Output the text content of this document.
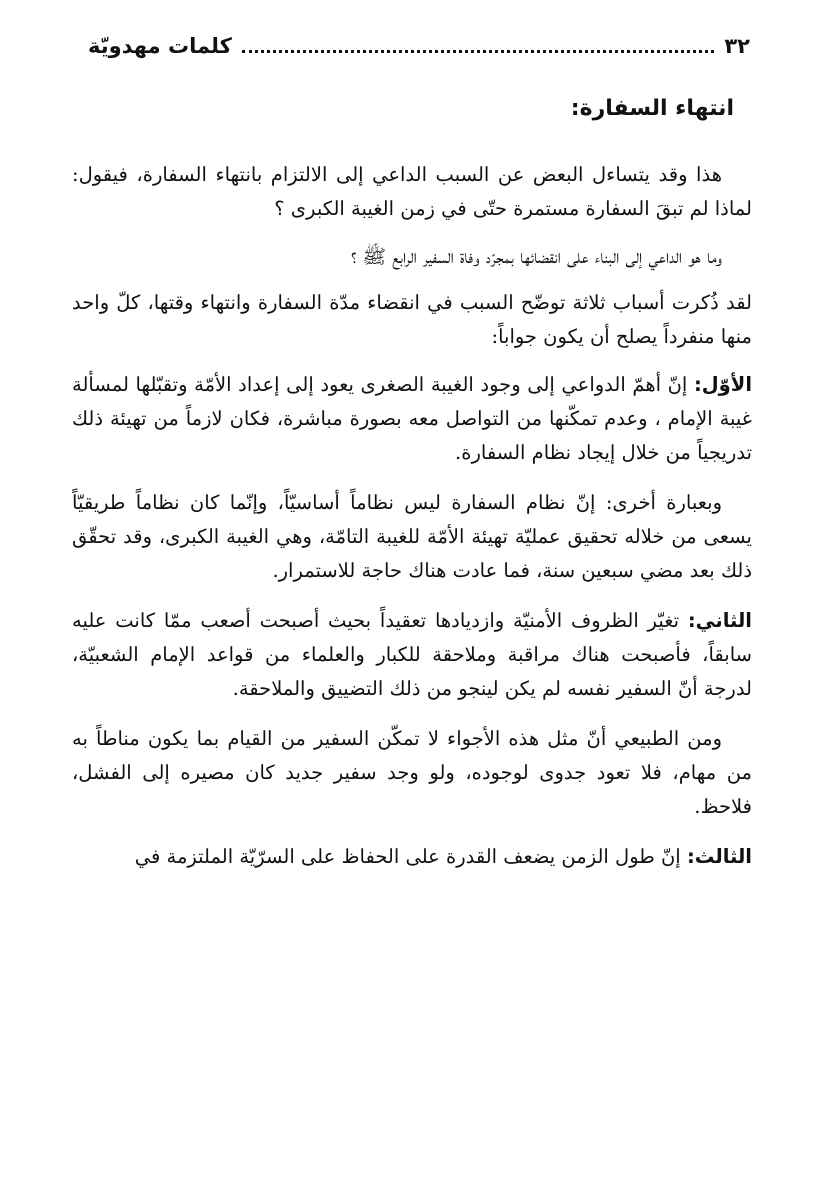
٣٢
كلمات مهدويّة
انتهاء السفارة:

هذا وقد يتساءل البعض عن السبب الداعي إلى الالتزام بانتهاء السفارة، فيقول: لماذا لم تبقَ السفارة مستمرة حتّى في زمن الغيبة الكبرى ؟

وما هو الداعي إلى البناء على انقضائها بمجرّد وفاة السفير الرابع ﷺ ؟

لقد ذُكرت أسباب ثلاثة توضّح السبب في انقضاء مدّة السفارة وانتهاء وقتها، كلّ واحد منها منفرداً يصلح أن يكون جواباً:

الأوّل: إنّ أهمّ الدواعي إلى وجود الغيبة الصغرى يعود إلى إعداد الأمّة وتقبّلها لمسألة غيبة الإمام ، وعدم تمكّنها من التواصل معه بصورة مباشرة، فكان لازماً من تهيئة ذلك تدريجياً من خلال إيجاد نظام السفارة.

وبعبارة أخرى: إنّ نظام السفارة ليس نظاماً أساسيّاً، وإنّما كان نظاماً طريقيّاً يسعى من خلاله تحقيق عمليّة تهيئة الأمّة للغيبة التامّة، وهي الغيبة الكبرى، وقد تحقّق ذلك بعد مضي سبعين سنة، فما عادت هناك حاجة للاستمرار.

الثاني: تغيّر الظروف الأمنيّة وازديادها تعقيداً بحيث أصبحت أصعب ممّا كانت عليه سابقاً، فأصبحت هناك مراقبة وملاحقة للكبار والعلماء من قواعد الإمام الشعبيّة، لدرجة أنّ السفير نفسه لم يكن لينجو من ذلك التضييق والملاحقة.

ومن الطبيعي أنّ مثل هذه الأجواء لا تمكّن السفير من القيام بما يكون مناطاً به من مهام، فلا تعود جدوى لوجوده، ولو وجد سفير جديد كان مصيره إلى الفشل، فلاحظ.

الثالث: إنّ طول الزمن يضعف القدرة على الحفاظ على السرّيّة الملتزمة في
